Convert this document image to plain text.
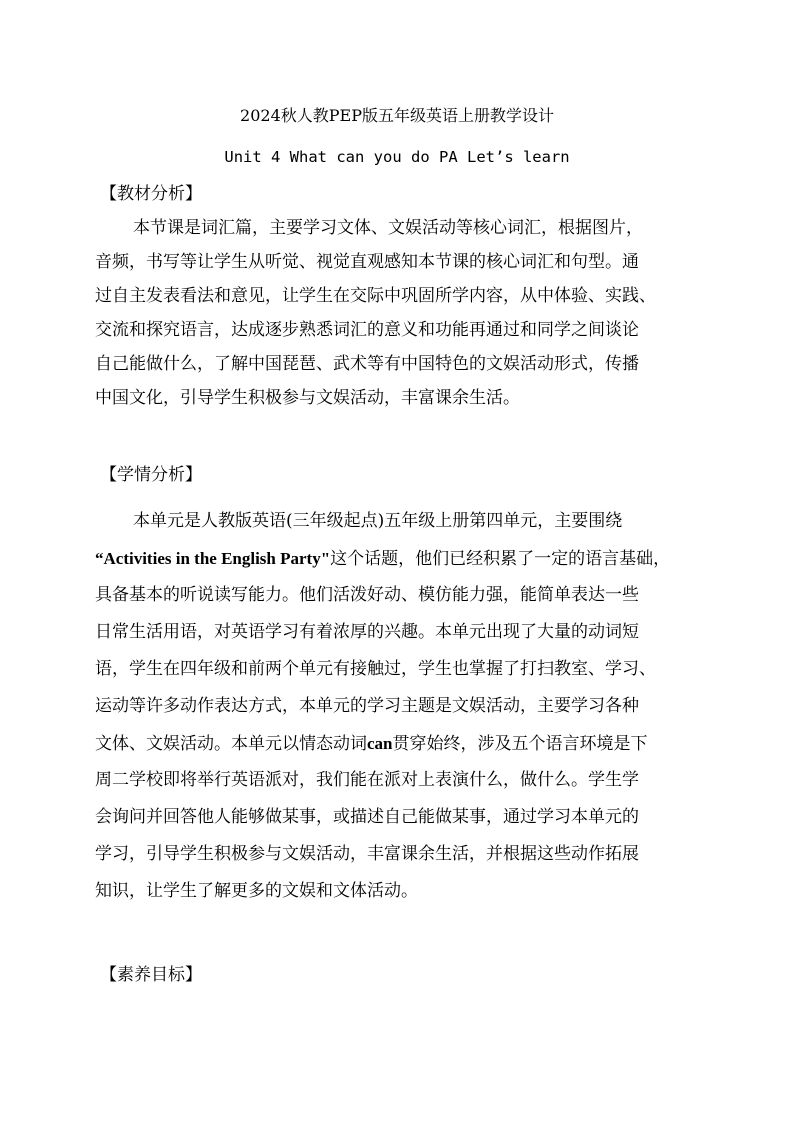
2024秋人教PEP版五年级英语上册教学设计
Unit 4 What can you do PA Let’s learn
【教材分析】
本节课是词汇篇，主要学习文体、文娱活动等核心词汇，根据图片，
音频，书写等让学生从听觉、视觉直观感知本节课的核心词汇和句型。通
过自主发表看法和意见，让学生在交际中巩固所学内容，从中体验、实践、
交流和探究语言，达成逐步熟悉词汇的意义和功能再通过和同学之间谈论
自己能做什么，了解中国琵琶、武术等有中国特色的文娱活动形式，传播
中国文化，引导学生积极参与文娱活动，丰富课余生活。
【学情分析】
本单元是人教版英语(三年级起点)五年级上册第四单元，主要围绕
“Activities in the English Party"这个话题，他们已经积累了一定的语言基础，
具备基本的听说读写能力。他们活泼好动、模仿能力强，能简单表达一些
日常生活用语，对英语学习有着浓厚的兴趣。本单元出现了大量的动词短
语，学生在四年级和前两个单元有接触过，学生也掌握了打扫教室、学习、
运动等许多动作表达方式，本单元的学习主题是文娱活动，主要学习各种
文体、文娱活动。本单元以情态动词can贯穿始终，涉及五个语言环境是下
周二学校即将举行英语派对，我们能在派对上表演什么，做什么。学生学
会询问并回答他人能够做某事，或描述自己能做某事，通过学习本单元的
学习，引导学生积极参与文娱活动，丰富课余生活，并根据这些动作拓展
知识，让学生了解更多的文娱和文体活动。
【素养目标】
